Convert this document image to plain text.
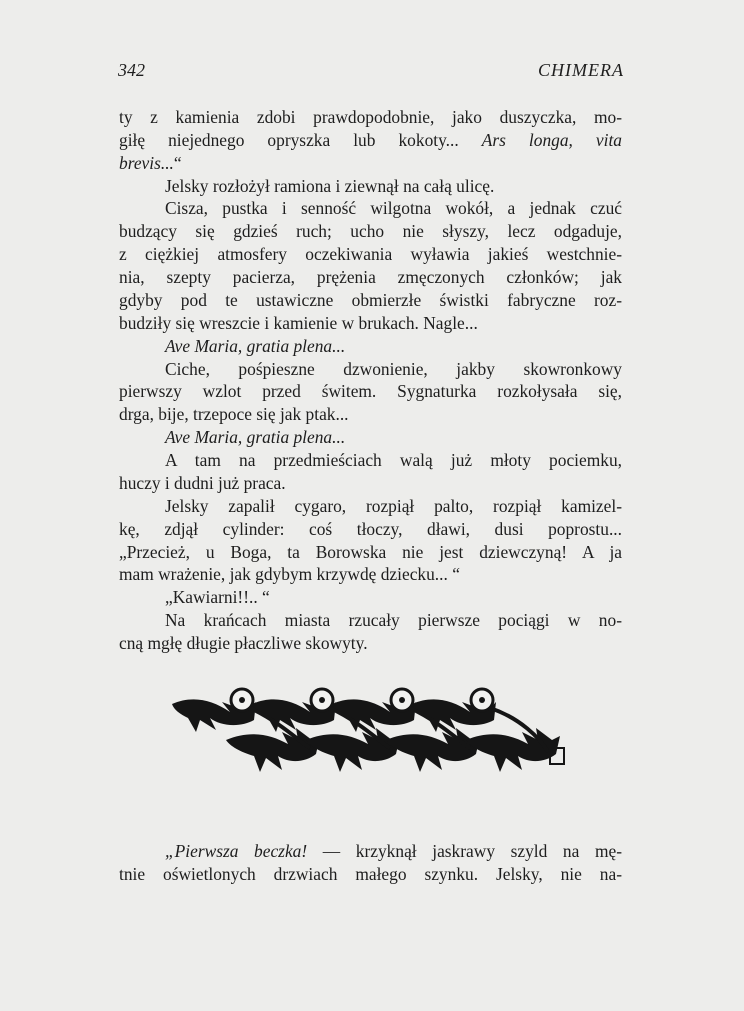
342	CHIMERA
ty z kamienia zdobi prawdopodobnie, jako duszyczka, mo-
giłę niejednego opryszka lub kokoty... Ars longa, vita
brevis...“
Jelsky rozłożył ramiona i ziewnął na całą ulicę.
Cisza, pustka i senność wilgotna wokół, a jednak czuć
budzący się gdzieś ruch; ucho nie słyszy, lecz odgaduje,
z ciężkiej atmosfery oczekiwania wyławia jakieś westchnie-
nia, szepty pacierza, prężenia zmęczonych członków; jak
gdyby pod te ustawiczne obmierzłe świstki fabryczne roz-
budziły się wreszcie i kamienie w brukach. Nagle...
Ave Maria, gratia plena...
Ciche, pośpieszne dzwonienie, jakby skowronkowy
pierwszy wzlot przed świtem. Sygnaturka rozkołysała się,
drga, bije, trzepoce się jak ptak...
Ave Maria, gratia plena...
A tam na przedmieściach walą już młoty pociemku,
huczy i dudni już praca.
Jelsky zapalił cygaro, rozpiął palto, rozpiął kamizel-
kę, zdjął cylinder: coś tłoczy, dławi, dusi poprostu...
„Przecież, u Boga, ta Borowska nie jest dziewczyną! A ja
mam wrażenie, jak gdybym krzywdę dziecku... “
„Kawiarni!!.. “
Na krańcach miasta rzucały pierwsze pociągi w no-
cną mgłę długie płaczliwe skowyty.
„Pierwsza beczka! — krzyknął jaskrawy szyld na mę-
tnie oświetlonych drzwiach małego szynku. Jelsky, nie na-
